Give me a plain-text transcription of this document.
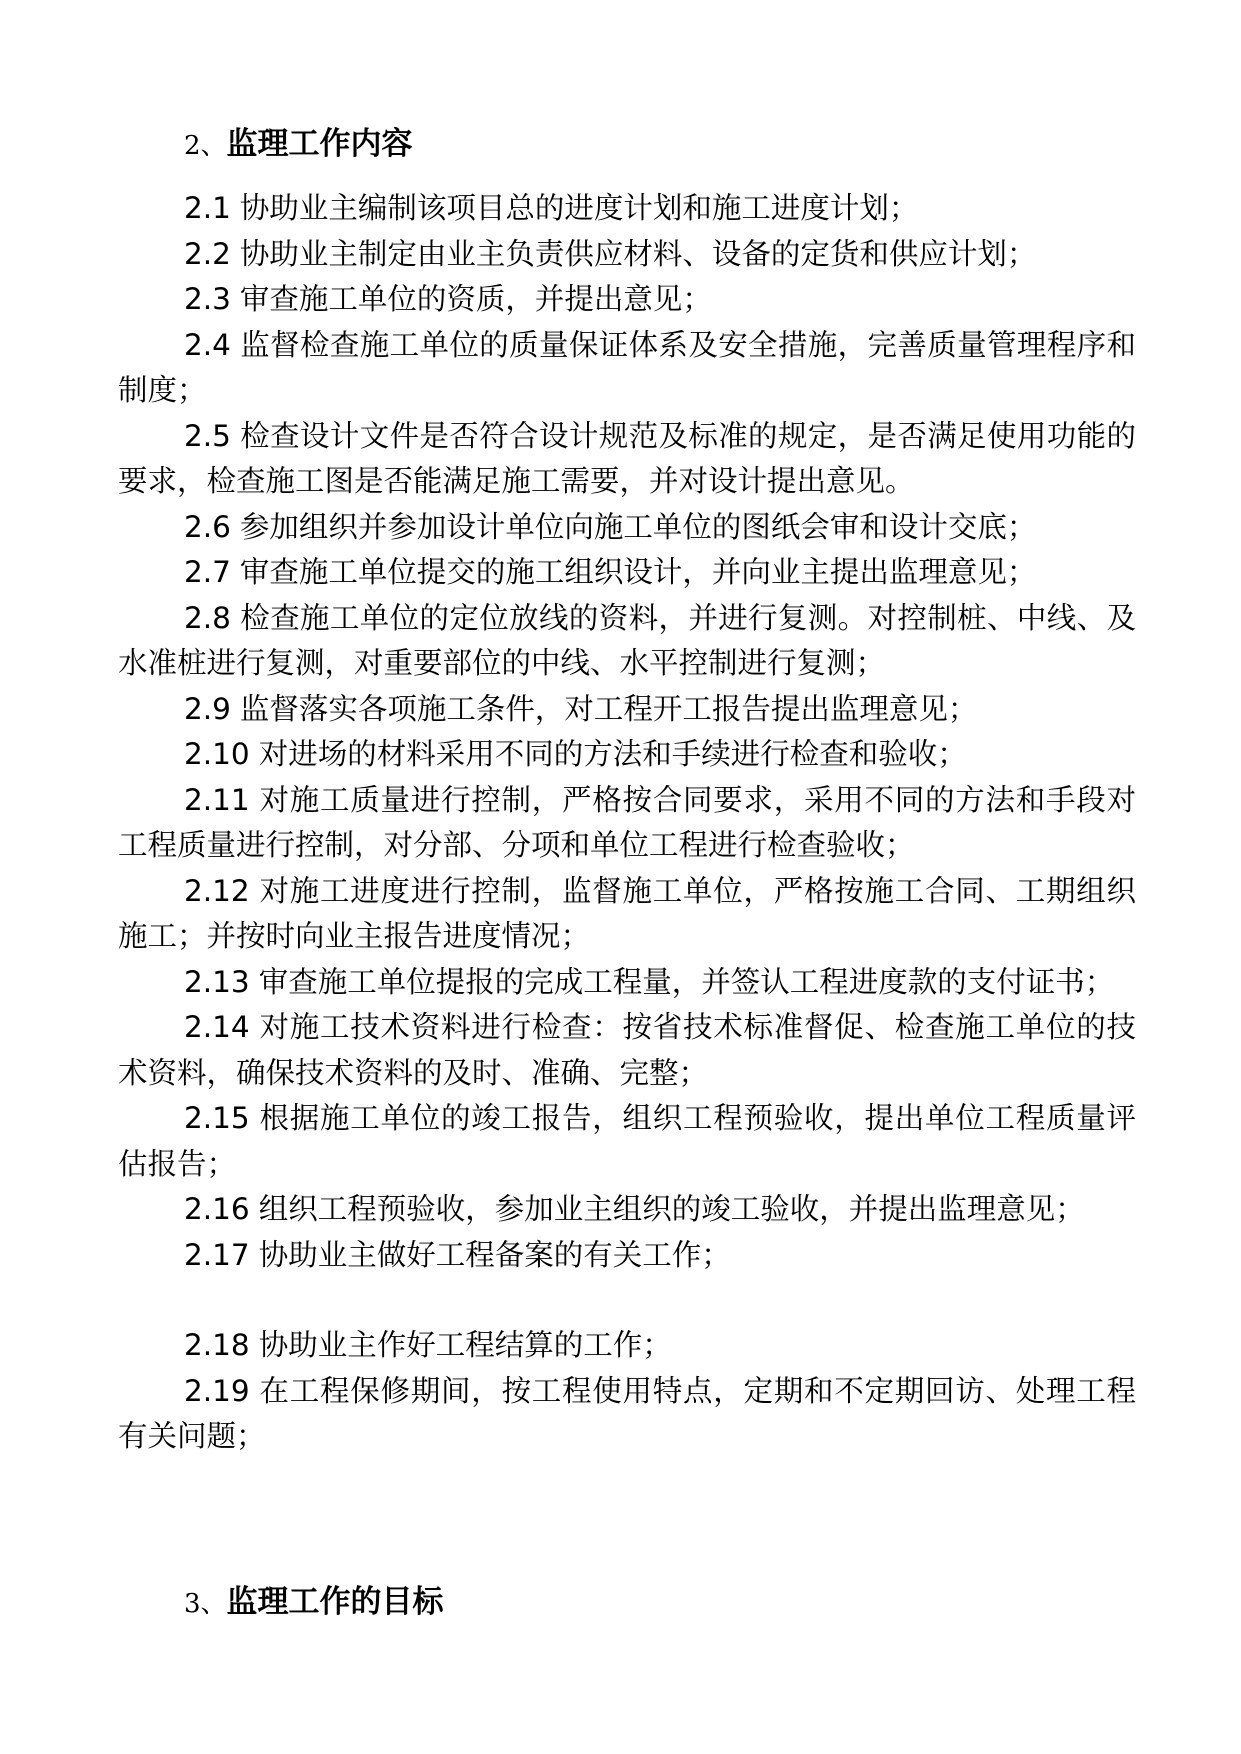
2、监理工作内容

2.1 协助业主编制该项目总的进度计划和施工进度计划；

2.2 协助业主制定由业主负责供应材料、设备的定货和供应计划；

2.3 审查施工单位的资质，并提出意见；

2.4 监督检查施工单位的质量保证体系及安全措施，完善质量管理程序和制度；

2.5 检查设计文件是否符合设计规范及标准的规定，是否满足使用功能的要求，检查施工图是否能满足施工需要，并对设计提出意见。

2.6 参加组织并参加设计单位向施工单位的图纸会审和设计交底；

2.7 审查施工单位提交的施工组织设计，并向业主提出监理意见；

2.8 检查施工单位的定位放线的资料，并进行复测。对控制桩、中线、及水准桩进行复测，对重要部位的中线、水平控制进行复测；

2.9 监督落实各项施工条件，对工程开工报告提出监理意见；

2.10 对进场的材料采用不同的方法和手续进行检查和验收；

2.11 对施工质量进行控制，严格按合同要求，采用不同的方法和手段对工程质量进行控制，对分部、分项和单位工程进行检查验收；

2.12 对施工进度进行控制，监督施工单位，严格按施工合同、工期组织施工；并按时向业主报告进度情况；

2.13 审查施工单位提报的完成工程量，并签认工程进度款的支付证书；

2.14 对施工技术资料进行检查：按省技术标准督促、检查施工单位的技术资料，确保技术资料的及时、准确、完整；

2.15 根据施工单位的竣工报告，组织工程预验收，提出单位工程质量评估报告；

2.16 组织工程预验收，参加业主组织的竣工验收，并提出监理意见；

2.17 协助业主做好工程备案的有关工作；

2.18 协助业主作好工程结算的工作；

2.19 在工程保修期间，按工程使用特点，定期和不定期回访、处理工程有关问题；

3、监理工作的目标
